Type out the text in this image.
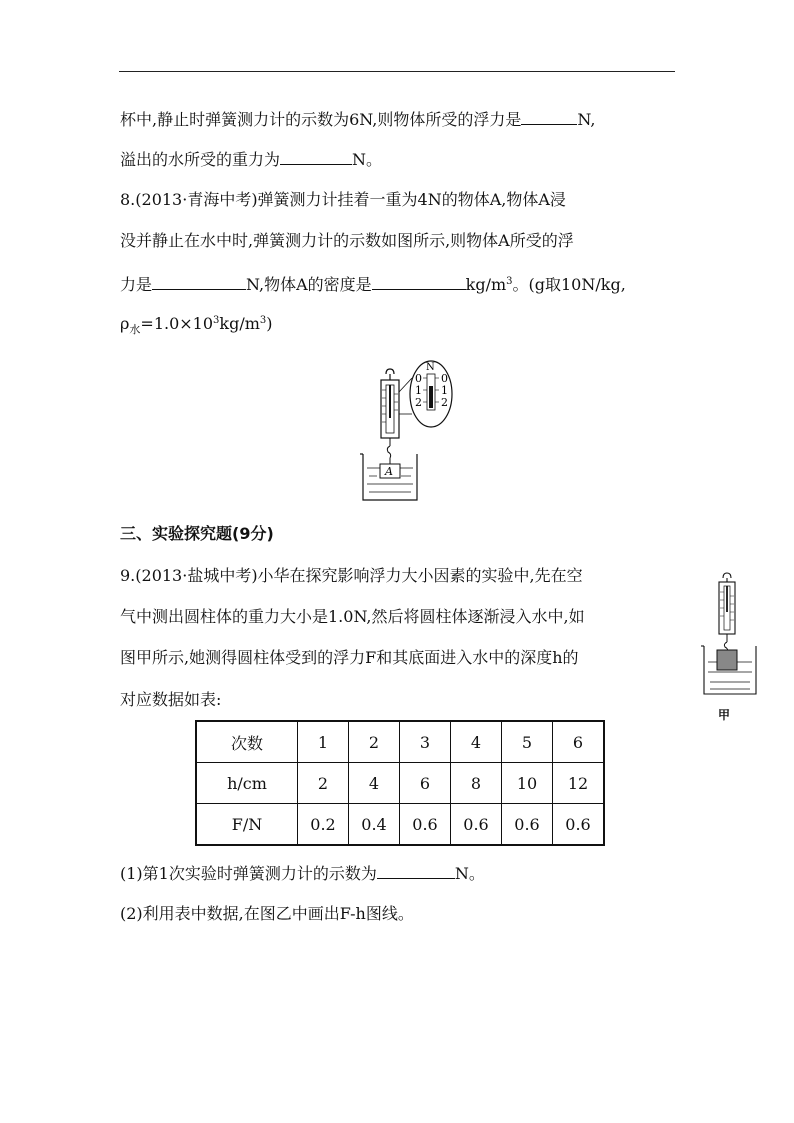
杯中,静止时弹簧测力计的示数为6N,则物体所受的浮力是	N,
溢出的水所受的重力为	N。
8.(2013·青海中考)弹簧测力计挂着一重为4N的物体A,物体A浸
没并静止在水中时,弹簧测力计的示数如图所示,则物体A所受的浮
力是	N,物体A的密度是	$kg/m^3$。(g取10N/kg,
$\rho_水=1.0\times 10^3kg/m^3$)
N
0
1
2
0
1
2
A
三、实验探究题(9分)
9.(2013·盐城中考)小华在探究影响浮力大小因素的实验中,先在空
气中测出圆柱体的重力大小是1.0N,然后将圆柱体逐渐浸入水中,如
图甲所示,她测得圆柱体受到的浮力F和其底面进入水中的深度h的
对应数据如表:
甲
次数	1	2	3	4	5	6
h/cm	2	4	6	8	10	12
F/N	0.2	0.4	0.6	0.6	0.6	0.6
(1)第1次实验时弹簧测力计的示数为	N。
(2)利用表中数据,在图乙中画出F-h图线。
